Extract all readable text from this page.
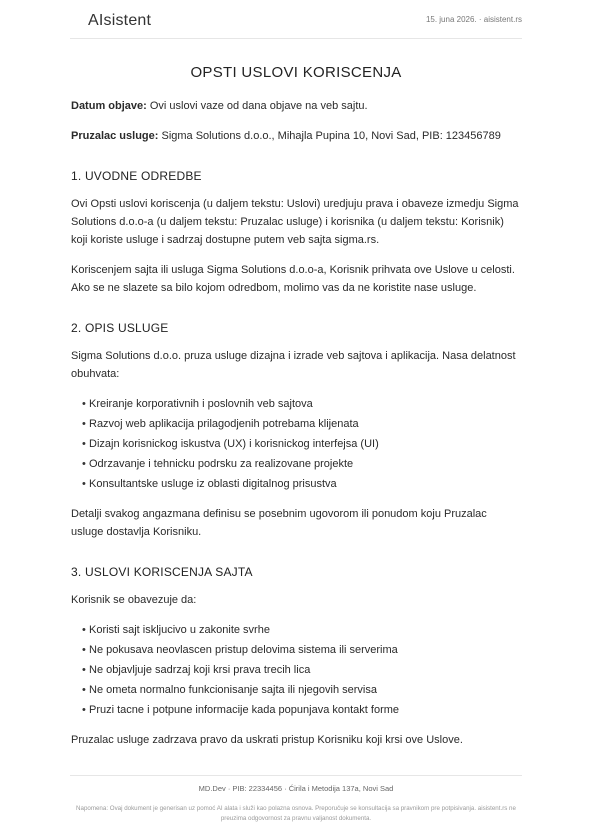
AIsistent	15. juna 2026. · aisistent.rs
OPSTI USLOVI KORISCENJA

Datum objave: Ovi uslovi vaze od dana objave na veb sajtu.

Pruzalac usluge: Sigma Solutions d.o.o., Mihajla Pupina 10, Novi Sad, PIB: 123456789

1. UVODNE ODREDBE

Ovi Opsti uslovi koriscenja (u daljem tekstu: Uslovi) uredjuju prava i obaveze izmedju Sigma Solutions d.o.o-a (u daljem tekstu: Pruzalac usluge) i korisnika (u daljem tekstu: Korisnik) koji koriste usluge i sadrzaj dostupne putem veb sajta sigma.rs.

Koriscenjem sajta ili usluga Sigma Solutions d.o.o-a, Korisnik prihvata ove Uslove u celosti. Ako se ne slazete sa bilo kojom odredbom, molimo vas da ne koristite nase usluge.

2. OPIS USLUGE

Sigma Solutions d.o.o. pruza usluge dizajna i izrade veb sajtova i aplikacija. Nasa delatnost obuhvata:

• Kreiranje korporativnih i poslovnih veb sajtova
• Razvoj web aplikacija prilagodjenih potrebama klijenata
• Dizajn korisnickog iskustva (UX) i korisnickog interfejsa (UI)
• Odrzavanje i tehnicku podrsku za realizovane projekte
• Konsultantske usluge iz oblasti digitalnog prisustva

Detalji svakog angazmana definisu se posebnim ugovorom ili ponudom koju Pruzalac usluge dostavlja Korisniku.

3. USLOVI KORISCENJA SAJTA

Korisnik se obavezuje da:

• Koristi sajt iskljucivo u zakonite svrhe
• Ne pokusava neovlascen pristup delovima sistema ili serverima
• Ne objavljuje sadrzaj koji krsi prava trecih lica
• Ne ometa normalno funkcionisanje sajta ili njegovih servisa
• Pruzi tacne i potpune informacije kada popunjava kontakt forme

Pruzalac usluge zadrzava pravo da uskrati pristup Korisniku koji krsi ove Uslove.

MD.Dev · PIB: 22334456 · Ćirila i Metodija 137a, Novi Sad
Napomena: Ovaj dokument je generisan uz pomoć AI alata i služi kao polazna osnova. Preporučuje se konsultacija sa pravnikom pre potpisivanja. aisistent.rs ne preuzima odgovornost za pravnu valjanost dokumenta.
